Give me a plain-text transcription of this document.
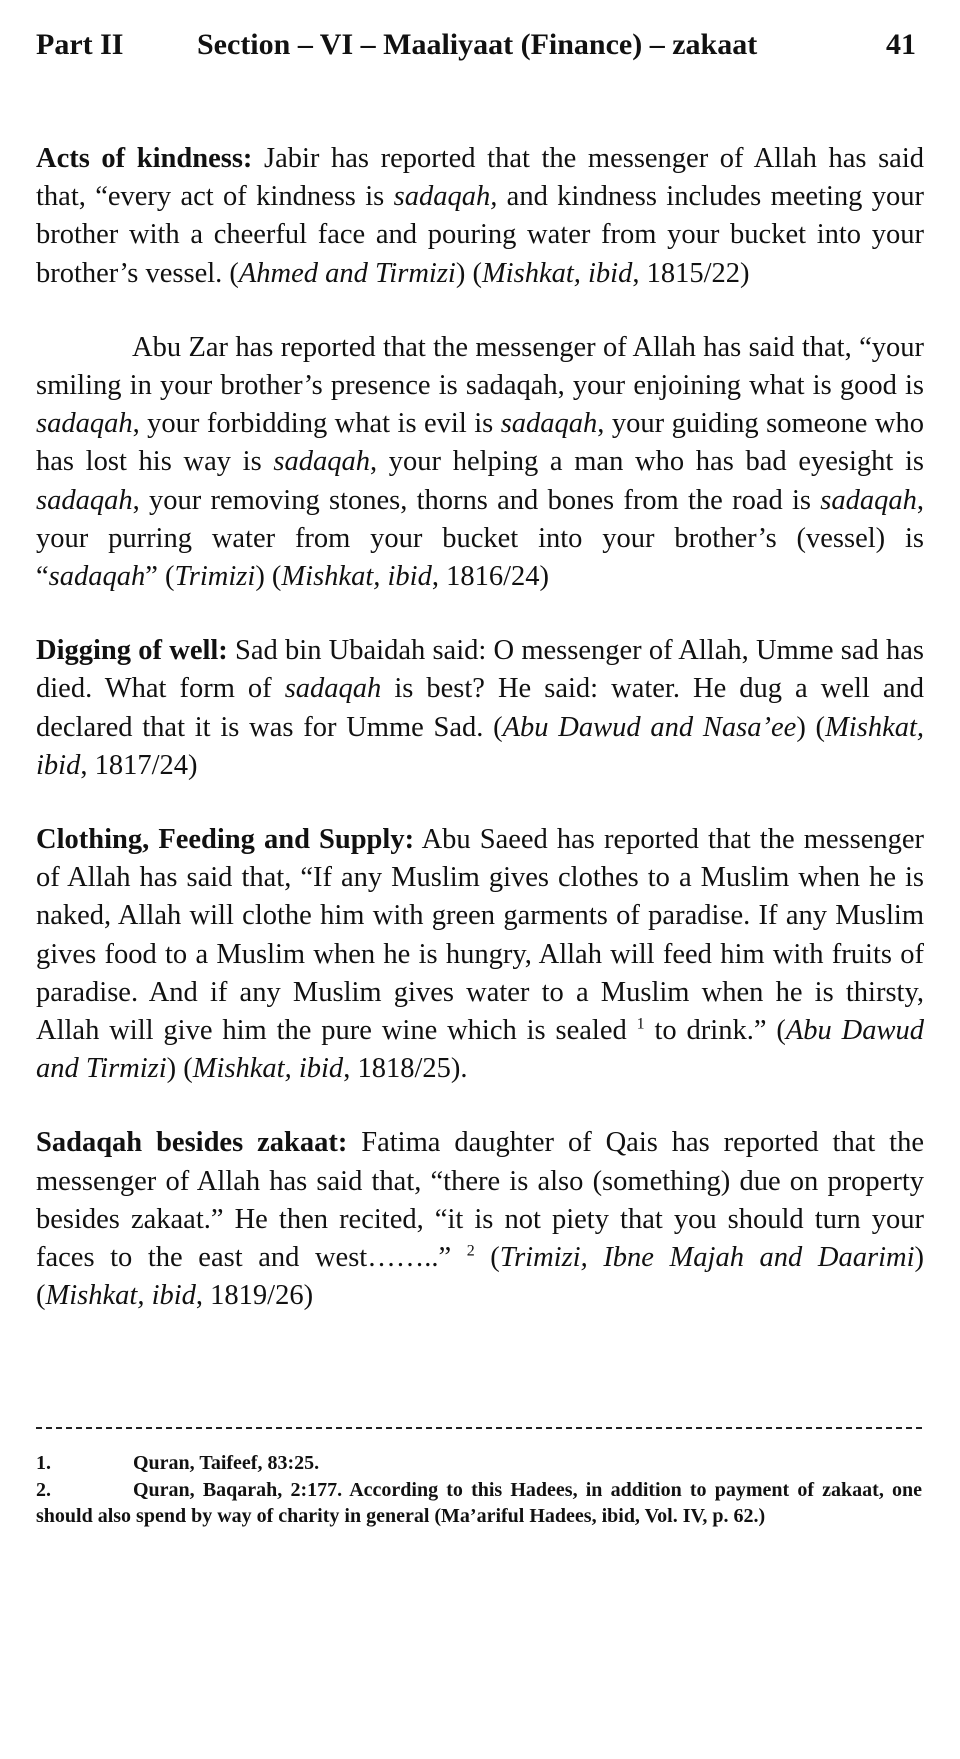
Part II Section – VI – Maaliyaat (Finance) – zakaat	41

Acts of kindness: Jabir has reported that the messenger of Allah has said that, “every act of kindness is sadaqah, and kindness includes meeting your brother with a cheerful face and pouring water from your bucket into your brother’s vessel. (Ahmed and Tirmizi) (Mishkat, ibid, 1815/22)

Abu Zar has reported that the messenger of Allah has said that, “your smiling in your brother’s presence is sadaqah, your enjoining what is good is sadaqah, your forbidding what is evil is sadaqah, your guiding someone who has lost his way is sadaqah, your helping a man who has bad eyesight is sadaqah, your removing stones, thorns and bones from the road is sadaqah, your purring water from your bucket into your brother’s (vessel) is “sadaqah” (Trimizi) (Mishkat, ibid, 1816/24)

Digging of well: Sad bin Ubaidah said: O messenger of Allah, Umme sad has died. What form of sadaqah is best? He said: water. He dug a well and declared that it is was for Umme Sad. (Abu Dawud and Nasa’ee) (Mishkat, ibid, 1817/24)

Clothing, Feeding and Supply: Abu Saeed has reported that the messenger of Allah has said that, “If any Muslim gives clothes to a Muslim when he is naked, Allah will clothe him with green garments of paradise. If any Muslim gives food to a Muslim when he is hungry, Allah will feed him with fruits of paradise. And if any Muslim gives water to a Muslim when he is thirsty, Allah will give him the pure wine which is sealed $^1$ to drink.” (Abu Dawud and Tirmizi) (Mishkat, ibid, 1818/25).

Sadaqah besides zakaat: Fatima daughter of Qais has reported that the messenger of Allah has said that, “there is also (something) due on property besides zakaat.” He then recited, “it is not piety that you should turn your faces to the east and west……..” $^2$ (Trimizi, Ibne Majah and Daarimi) (Mishkat, ibid, 1819/26)

1.	Quran, Taifeef, 83:25.

2.	Quran, Baqarah, 2:177. According to this Hadees, in addition to payment of zakaat, one should also spend by way of charity in general (Ma’ariful Hadees, ibid, Vol. IV, p. 62.)
